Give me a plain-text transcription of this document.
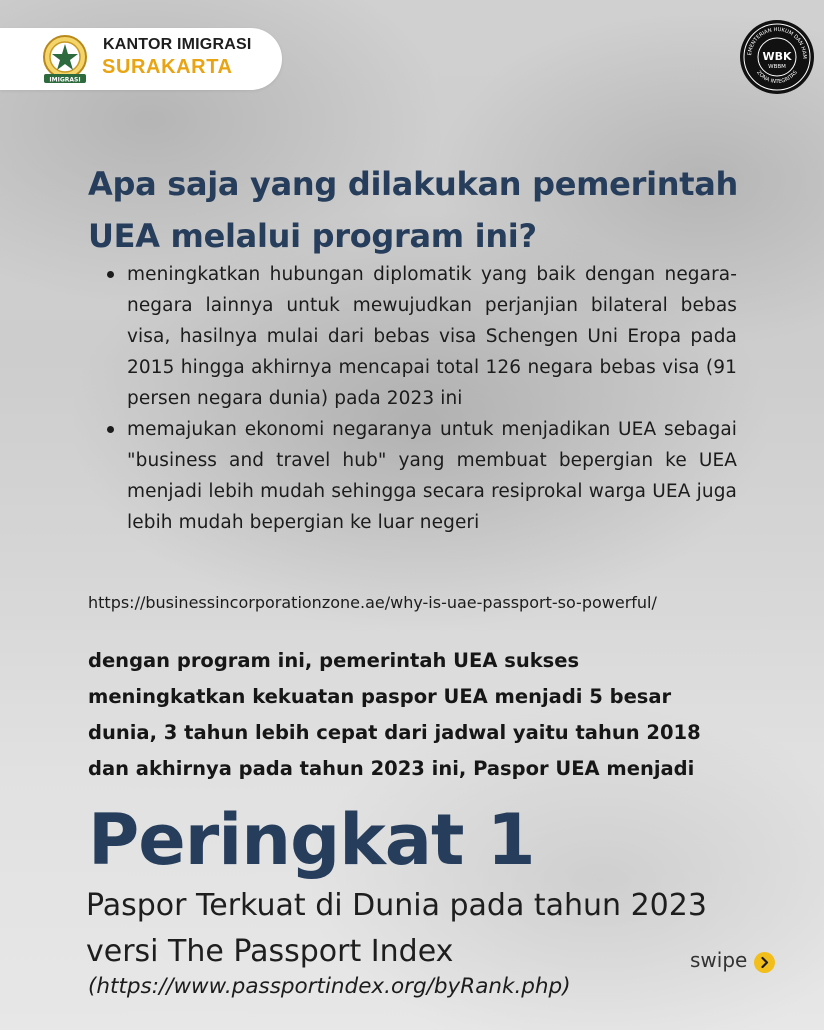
IMIGRASI
KANTOR IMIGRASI
SURAKARTA
EMENTERIAN HUKUM DAN HAM
ZONA INTEGRITAS
WBK
WBBM
Apa saja yang dilakukan pemerintah UEA melalui program ini?
meningkatkan hubungan diplomatik yang baik dengan negara-negara lainnya untuk mewujudkan perjanjian bilateral bebas visa, hasilnya mulai dari bebas visa Schengen Uni Eropa pada 2015 hingga akhirnya mencapai total 126 negara bebas visa (91 persen negara dunia) pada 2023 ini
memajukan ekonomi negaranya untuk menjadikan UEA sebagai "business and travel hub" yang membuat bepergian ke UEA menjadi lebih mudah sehingga secara resiprokal warga UEA juga lebih mudah bepergian ke luar negeri
https://businessincorporationzone.ae/why-is-uae-passport-so-powerful/

dengan program ini, pemerintah UEA sukses meningkatkan kekuatan paspor UEA menjadi 5 besar dunia, 3 tahun lebih cepat dari jadwal yaitu tahun 2018 dan akhirnya pada tahun 2023 ini, Paspor UEA menjadi

Peringkat 1

Paspor Terkuat di Dunia pada tahun 2023 versi The Passport Index

(https://www.passportindex.org/byRank.php)
swipe
